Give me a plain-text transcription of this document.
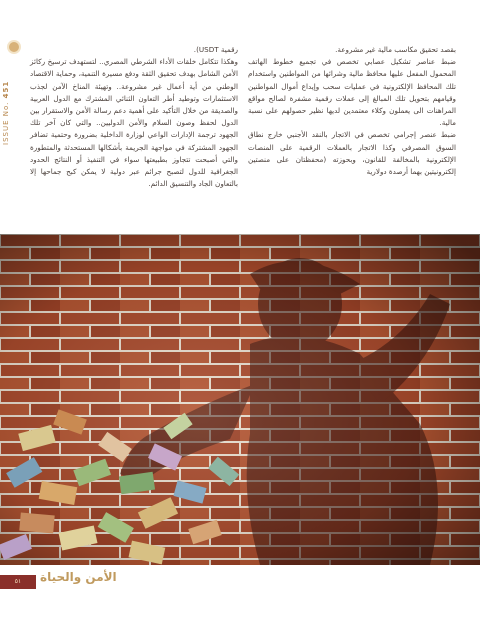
ISSUE No. 451

بقصد تحقيق مكاسب مالية غير مشروعة.

ضبط عناصر تشكيل عصابي تخصص في تجميع خطوط الهاتف المحمول المفعل عليها محافظ مالية وشرائها من المواطنين واستخدام تلك المحافظ الإلكترونية في عمليات سحب وإيداع أموال المواطنين وقيامهم بتحويل تلك المبالغ إلى عملات رقمية مشفرة لصالح مواقع المراهنات الى يعملون وكلاء معتمدين لديها نظير حصولهم على نسبة مالية.

ضبط عنصر إجرامي تخصص في الاتجار بالنقد الأجنبي خارج نطاق السوق المصرفي وكذا الاتجار بالعملات الرقمية على المنصات الإلكترونية بالمخالفة للقانون، وبحوزته (محفظتان على منصتين إلكترونيتين بهما أرصدة دولارية

رقمية USDT).

وهكذا تتكامل خلقات الأداء الشرطي المصري.. لتستهدف ترسيخ ركائز الأمن الشامل بهدف تحقيق الثقة ودفع مسيرة التنمية، وحماية الاقتصاد الوطني من أية أعمال غير مشروعة.. وتهيئة المناخ الآمن لجذب الاستثمارات وتوطيد أطر التعاون الثنائي المشترك مع الدول العربية والصديقة من خلال التأكيد على أهمية دعم رسالة الأمن والاستقرار بين الدول لحفظ وصون السلام والأمن الدوليين.. والتي كان آخر تلك الجهود ترجمة الإدارات الواعي لوزارة الداخلية بضرورة وحتمية تضافر الجهود المشتركة في مواجهة الجريمة بأشكالها المستحدثة والمتطورة والتي أصبحت تتجاوز بطبيعتها سواء في التنفيذ أو النتائج الحدود الجغرافية للدول لتصبح جرائم عبر دولية لا يمكن كبح جماحها إلا بالتعاون الجاد والتنسيق الدائم.

٥١	الأمن والحياة
